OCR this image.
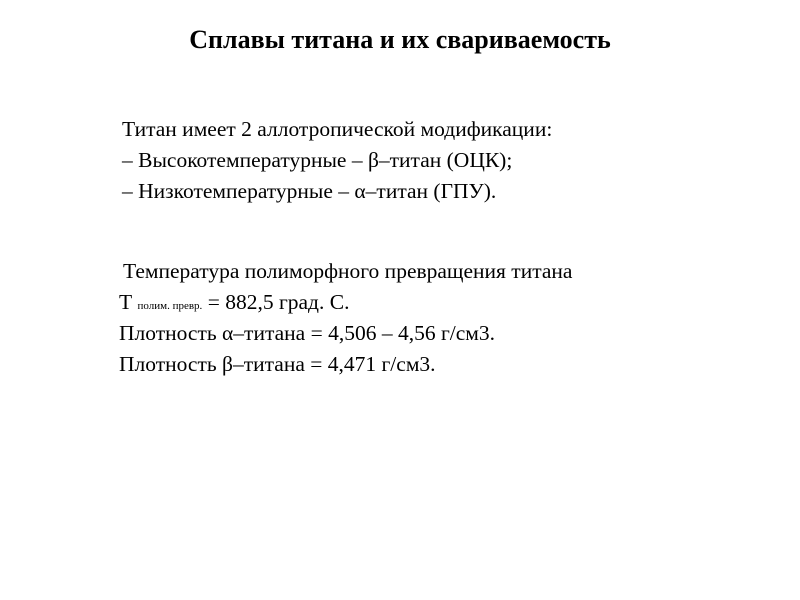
Сплавы титана и их свариваемость
Титан имеет 2 аллотропической модификации:
– Высокотемпературные – β–титан (ОЦК);
– Низкотемпературные – α–титан (ГПУ).
Температура полиморфного превращения титана
Т полим. превр. = 882,5 град. С.
Плотность α–титана = 4,506 – 4,56 г/см3.
Плотность β–титана = 4,471 г/см3.
